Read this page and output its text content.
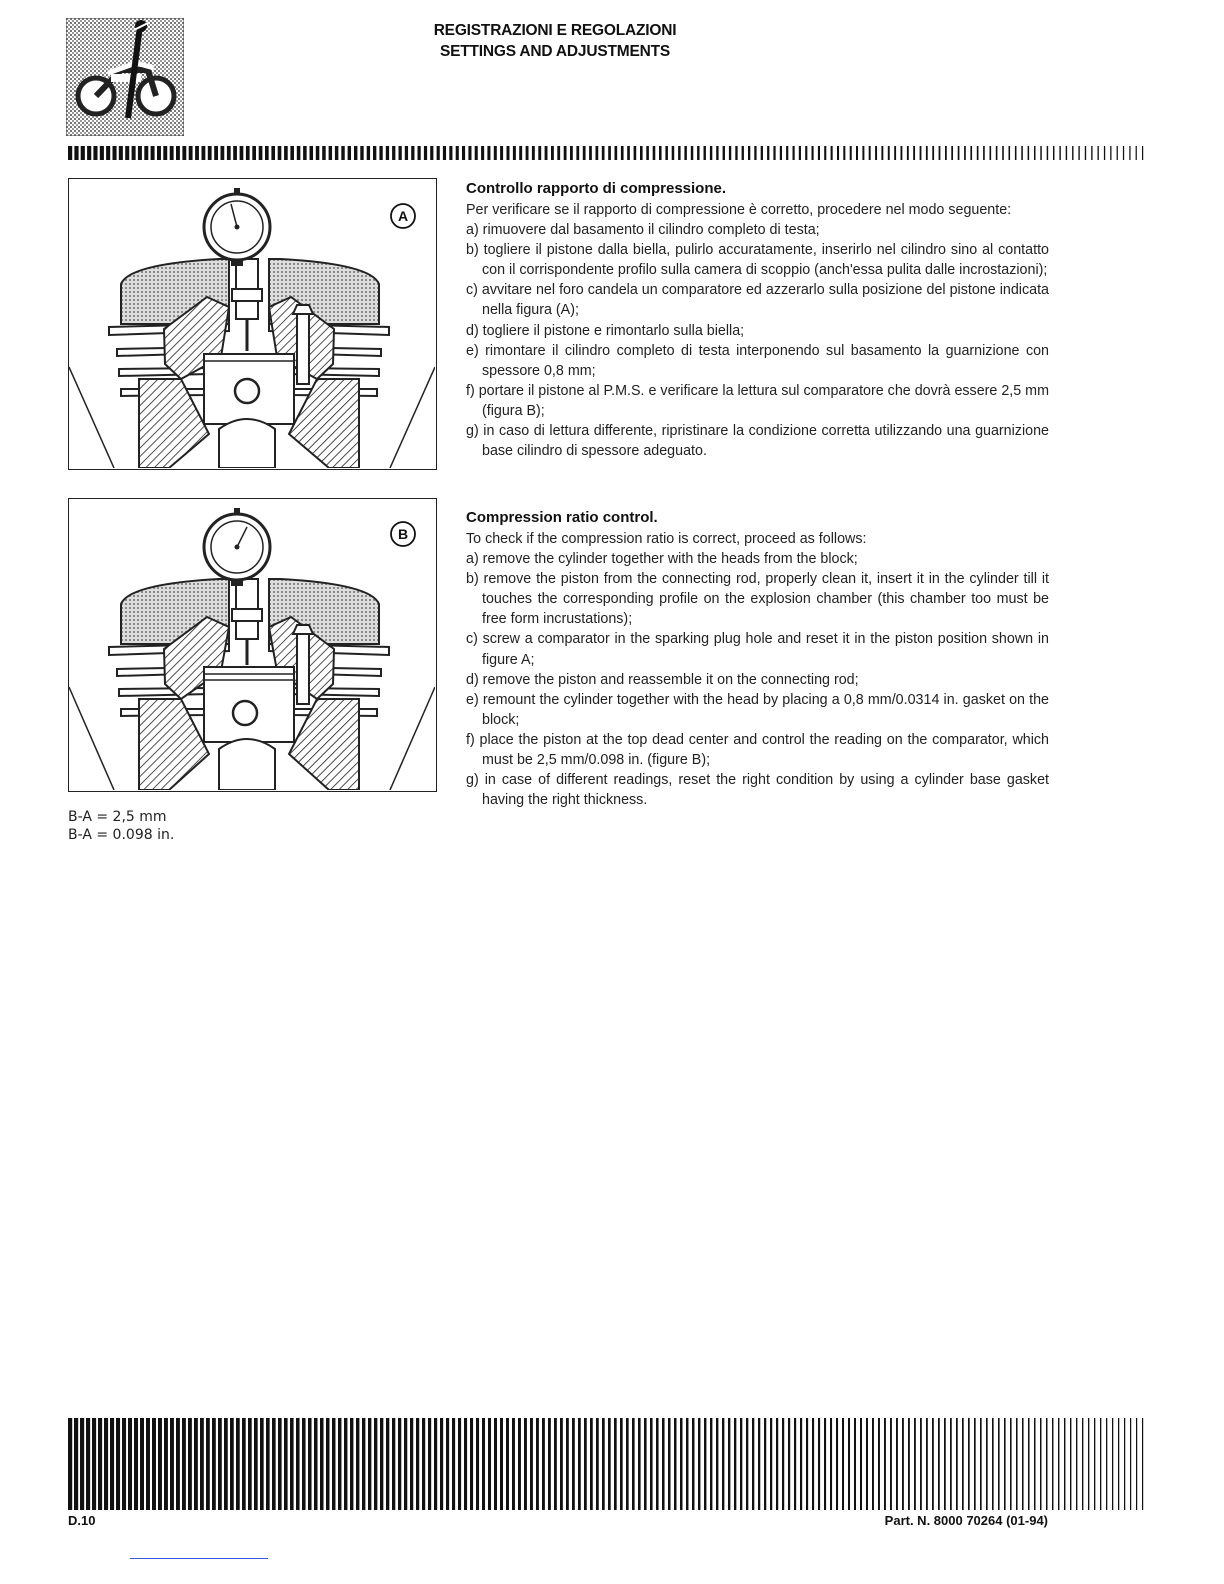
REGISTRAZIONI E REGOLAZIONI
SETTINGS AND ADJUSTMENTS
A
B
B-A = 2,5 mm
B-A = 0.098 in.
Controllo rapporto di compressione.
Per verificare se il rapporto di compressione è corretto, procedere nel modo seguente:
a) rimuovere dal basamento il cilindro completo di testa;
b) togliere il pistone dalla biella, pulirlo accuratamente, inserirlo nel cilindro sino al contatto con il corrispondente profilo sulla camera di scoppio (anch'essa pulita dalle incrostazioni);
c) avvitare nel foro candela un comparatore ed azzerarlo sulla posizione del pistone indicata nella figura (A);
d) togliere il pistone e rimontarlo sulla biella;
e) rimontare il cilindro completo di testa interponendo sul basamento la guarnizione con spessore 0,8 mm;
f) portare il pistone al P.M.S. e verificare la lettura sul comparatore che dovrà essere 2,5 mm (figura B);
g) in caso di lettura differente, ripristinare la condizione corretta utilizzando una guarnizione base cilindro di spessore adeguato.
Compression ratio control.
To check if the compression ratio is correct, proceed as follows:
a) remove the cylinder together with the heads from the block;
b) remove the piston from the connecting rod, properly clean it, insert it in the cylinder till it touches the corresponding profile on the explosion chamber (this chamber too must be free form incrustations);
c) screw a comparator in the sparking plug hole and reset it in the piston position shown in figure A;
d) remove the piston and reassemble it on the connecting rod;
e) remount the cylinder together with the head by placing a 0,8 mm/0.0314 in. gasket on the block;
f) place the piston at the top dead center and control the reading on the comparator, which must be 2,5 mm/0.098 in. (figure B);
g) in case of different readings, reset the right condition by using a cylinder base gasket having the right thickness.
D.10	Part. N. 8000 70264 (01-94)
